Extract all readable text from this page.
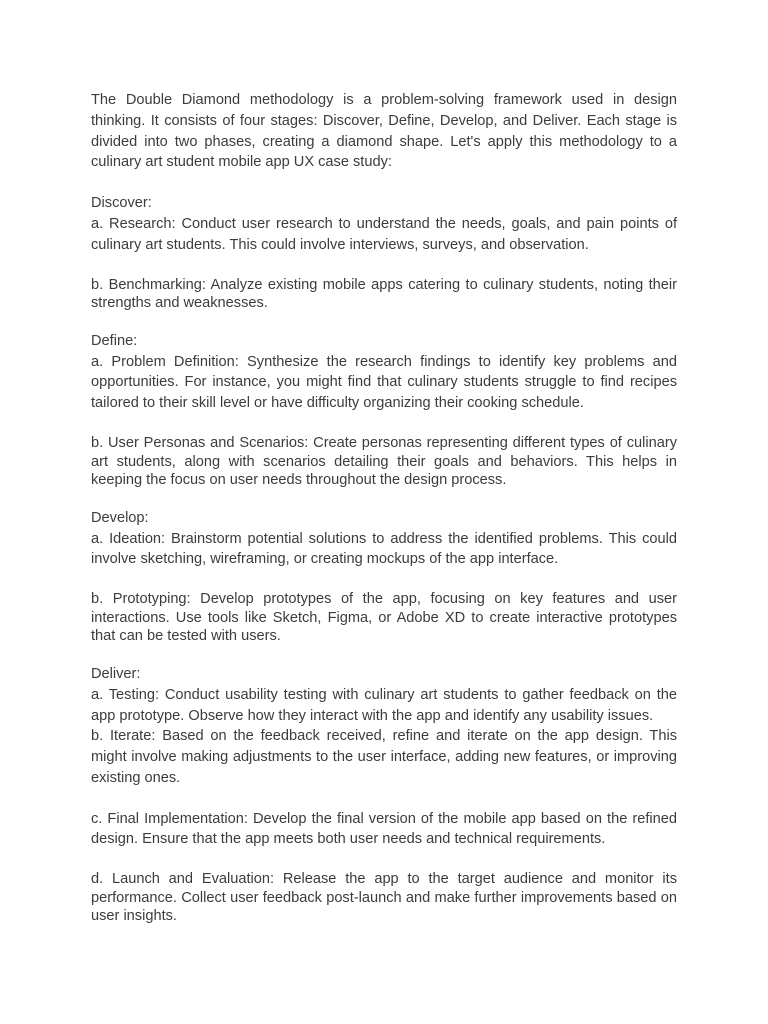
The Double Diamond methodology is a problem-solving framework used in design thinking. It consists of four stages: Discover, Define, Develop, and Deliver. Each stage is divided into two phases, creating a diamond shape. Let's apply this methodology to a culinary art student mobile app UX case study:

Discover:

a. Research: Conduct user research to understand the needs, goals, and pain points of culinary art students. This could involve interviews, surveys, and observation.

b. Benchmarking: Analyze existing mobile apps catering to culinary students, noting their strengths and weaknesses.

Define:

a. Problem Definition: Synthesize the research findings to identify key problems and opportunities. For instance, you might find that culinary students struggle to find recipes tailored to their skill level or have difficulty organizing their cooking schedule.

b. User Personas and Scenarios: Create personas representing different types of culinary art students, along with scenarios detailing their goals and behaviors. This helps in keeping the focus on user needs throughout the design process.

Develop:

a. Ideation: Brainstorm potential solutions to address the identified problems. This could involve sketching, wireframing, or creating mockups of the app interface.

b. Prototyping: Develop prototypes of the app, focusing on key features and user interactions. Use tools like Sketch, Figma, or Adobe XD to create interactive prototypes that can be tested with users.

Deliver:

a. Testing: Conduct usability testing with culinary art students to gather feedback on the app prototype. Observe how they interact with the app and identify any usability issues.

b. Iterate: Based on the feedback received, refine and iterate on the app design. This might involve making adjustments to the user interface, adding new features, or improving existing ones.

c. Final Implementation: Develop the final version of the mobile app based on the refined design. Ensure that the app meets both user needs and technical requirements.

d. Launch and Evaluation: Release the app to the target audience and monitor its performance. Collect user feedback post-launch and make further improvements based on user insights.
